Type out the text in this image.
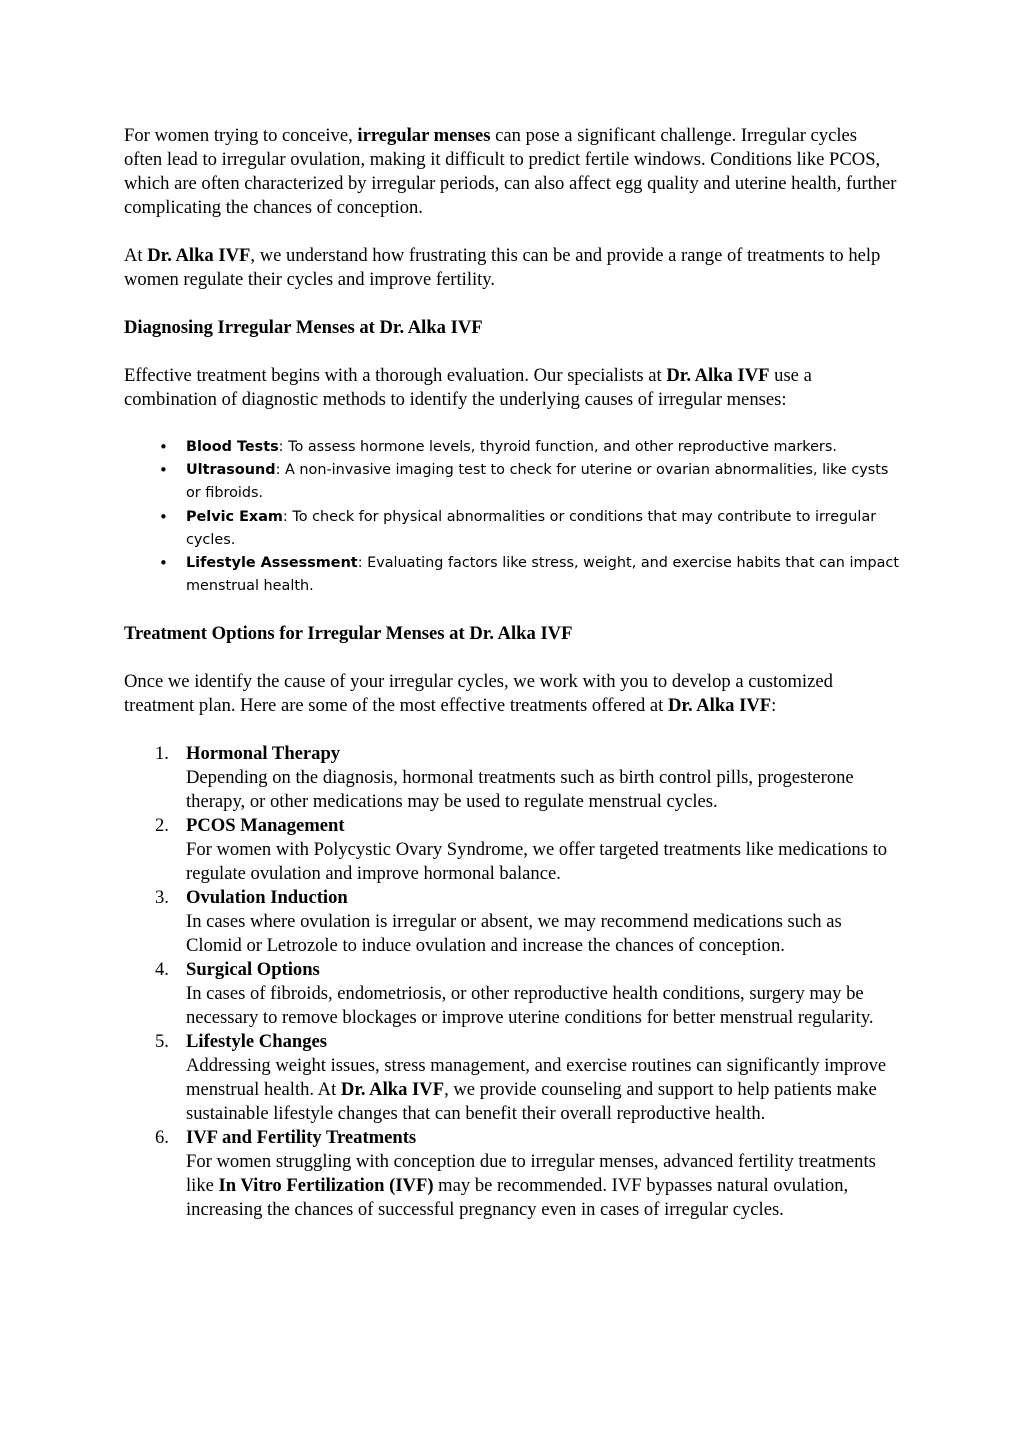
For women trying to conceive, irregular menses can pose a significant challenge. Irregular cycles often lead to irregular ovulation, making it difficult to predict fertile windows. Conditions like PCOS, which are often characterized by irregular periods, can also affect egg quality and uterine health, further complicating the chances of conception.

At Dr. Alka IVF, we understand how frustrating this can be and provide a range of treatments to help women regulate their cycles and improve fertility.

Diagnosing Irregular Menses at Dr. Alka IVF

Effective treatment begins with a thorough evaluation. Our specialists at Dr. Alka IVF use a combination of diagnostic methods to identify the underlying causes of irregular menses:

• Blood Tests: To assess hormone levels, thyroid function, and other reproductive markers.
• Ultrasound: A non-invasive imaging test to check for uterine or ovarian abnormalities, like cysts or fibroids.
• Pelvic Exam: To check for physical abnormalities or conditions that may contribute to irregular cycles.
• Lifestyle Assessment: Evaluating factors like stress, weight, and exercise habits that can impact menstrual health.
Treatment Options for Irregular Menses at Dr. Alka IVF

Once we identify the cause of your irregular cycles, we work with you to develop a customized treatment plan. Here are some of the most effective treatments offered at Dr. Alka IVF:

1. Hormonal Therapy
Depending on the diagnosis, hormonal treatments such as birth control pills, progesterone therapy, or other medications may be used to regulate menstrual cycles.
2. PCOS Management
For women with Polycystic Ovary Syndrome, we offer targeted treatments like medications to regulate ovulation and improve hormonal balance.
3. Ovulation Induction
In cases where ovulation is irregular or absent, we may recommend medications such as Clomid or Letrozole to induce ovulation and increase the chances of conception.
4. Surgical Options
In cases of fibroids, endometriosis, or other reproductive health conditions, surgery may be necessary to remove blockages or improve uterine conditions for better menstrual regularity.
5. Lifestyle Changes
Addressing weight issues, stress management, and exercise routines can significantly improve menstrual health. At Dr. Alka IVF, we provide counseling and support to help patients make sustainable lifestyle changes that can benefit their overall reproductive health.
6. IVF and Fertility Treatments
For women struggling with conception due to irregular menses, advanced fertility treatments like In Vitro Fertilization (IVF) may be recommended. IVF bypasses natural ovulation, increasing the chances of successful pregnancy even in cases of irregular cycles.
